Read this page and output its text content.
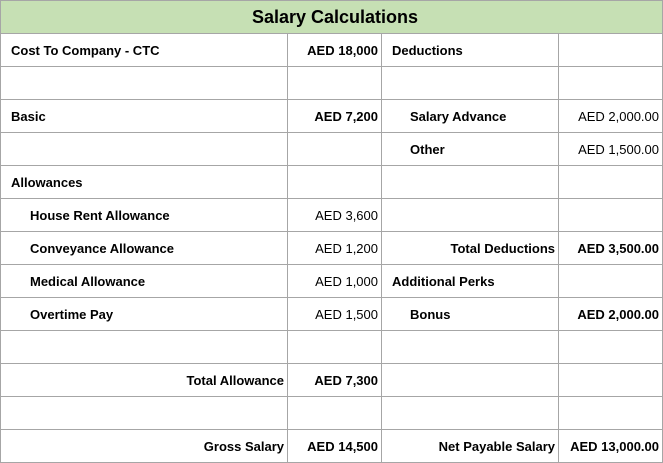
Salary Calculations			
Cost To Company - CTC	AED 18,000	Deductions	

Basic	AED 7,200	Salary Advance	AED 2,000.00
		Other	AED 1,500.00
Allowances			
House Rent Allowance	AED 3,600		
Conveyance Allowance	AED 1,200	Total Deductions	AED 3,500.00
Medical Allowance	AED 1,000	Additional Perks	
Overtime Pay	AED 1,500	Bonus	AED 2,000.00

Total Allowance	AED 7,300		

Gross Salary	AED 14,500	Net Payable Salary	AED 13,000.00
